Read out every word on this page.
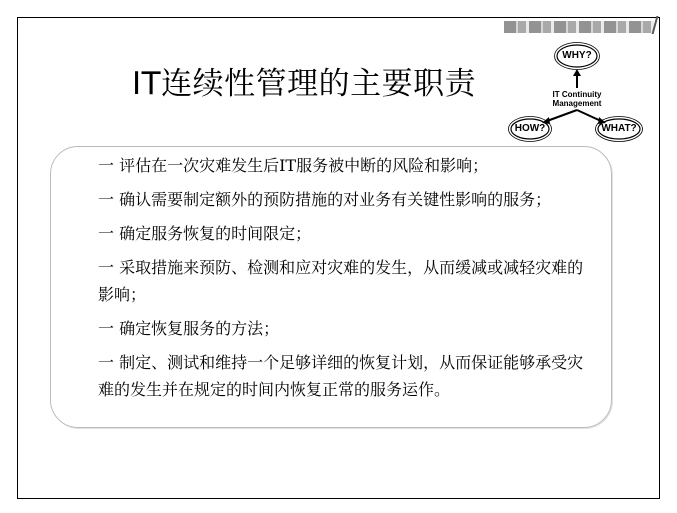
IT连续性管理的主要职责
WHY?
IT Continuity
Management
HOW?	WHAT?
一 评估在一次灾难发生后IT服务被中断的风险和影响；
一 确认需要制定额外的预防措施的对业务有关键性影响的服务；
一 确定服务恢复的时间限定；
一 采取措施来预防、检测和应对灾难的发生，从而缓减或减轻灾难的影响；
一 确定恢复服务的方法；
一 制定、测试和维持一个足够详细的恢复计划，从而保证能够承受灾难的发生并在规定的时间内恢复正常的服务运作。
